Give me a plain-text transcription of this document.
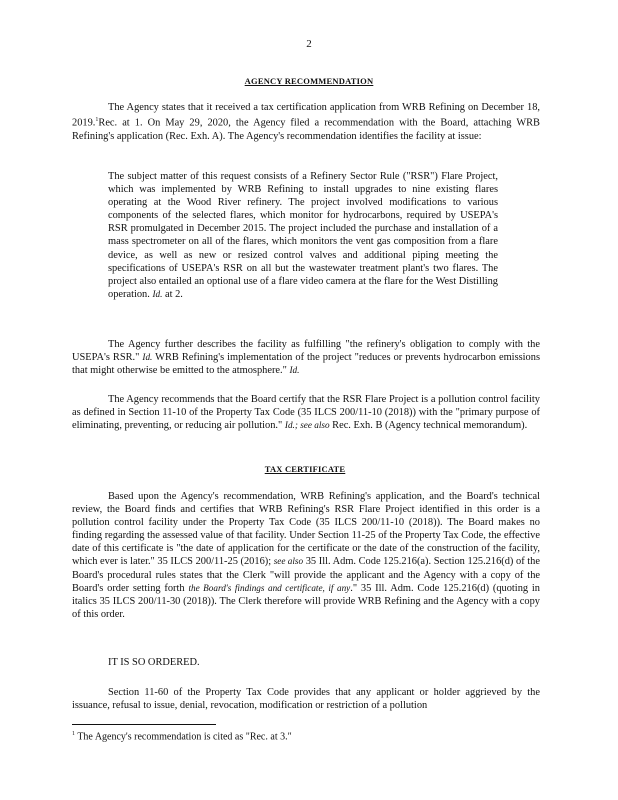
2
AGENCY RECOMMENDATION

The Agency states that it received a tax certification application from WRB Refining on December 18, 2019.$^1$Rec. at 1. On May 29, 2020, the Agency filed a recommendation with the Board, attaching WRB Refining's application (Rec. Exh. A). The Agency's recommendation identifies the facility at issue:

The subject matter of this request consists of a Refinery Sector Rule ("RSR") Flare Project, which was implemented by WRB Refining to install upgrades to nine existing flares operating at the Wood River refinery. The project involved modifications to various components of the selected flares, which monitor for hydrocarbons, required by USEPA's RSR promulgated in December 2015. The project included the purchase and installation of a mass spectrometer on all of the flares, which monitors the vent gas composition from a flare device, as well as new or resized control valves and additional piping meeting the specifications of USEPA's RSR on all but the wastewater treatment plant's two flares. The project also entailed an optional use of a flare video camera at the flare for the West Distilling operation. Id. at 2.

The Agency further describes the facility as fulfilling "the refinery's obligation to comply with the USEPA's RSR." Id. WRB Refining's implementation of the project "reduces or prevents hydrocarbon emissions that might otherwise be emitted to the atmosphere." Id.

The Agency recommends that the Board certify that the RSR Flare Project is a pollution control facility as defined in Section 11-10 of the Property Tax Code (35 ILCS 200/11-10 (2018)) with the "primary purpose of eliminating, preventing, or reducing air pollution." Id.; see also Rec. Exh. B (Agency technical memorandum).

TAX CERTIFICATE

Based upon the Agency's recommendation, WRB Refining's application, and the Board's technical review, the Board finds and certifies that WRB Refining's RSR Flare Project identified in this order is a pollution control facility under the Property Tax Code (35 ILCS 200/11-10 (2018)). The Board makes no finding regarding the assessed value of that facility. Under Section 11-25 of the Property Tax Code, the effective date of this certificate is "the date of application for the certificate or the date of the construction of the facility, which ever is later." 35 ILCS 200/11-25 (2016); see also 35 Ill. Adm. Code 125.216(a). Section 125.216(d) of the Board's procedural rules states that the Clerk "will provide the applicant and the Agency with a copy of the Board's order setting forth the Board's findings and certificate, if any." 35 Ill. Adm. Code 125.216(d) (quoting in italics 35 ILCS 200/11-30 (2018)). The Clerk therefore will provide WRB Refining and the Agency with a copy of this order.

IT IS SO ORDERED.

Section 11-60 of the Property Tax Code provides that any applicant or holder aggrieved by the issuance, refusal to issue, denial, revocation, modification or restriction of a pollution

$^1$ The Agency's recommendation is cited as "Rec. at 3."
